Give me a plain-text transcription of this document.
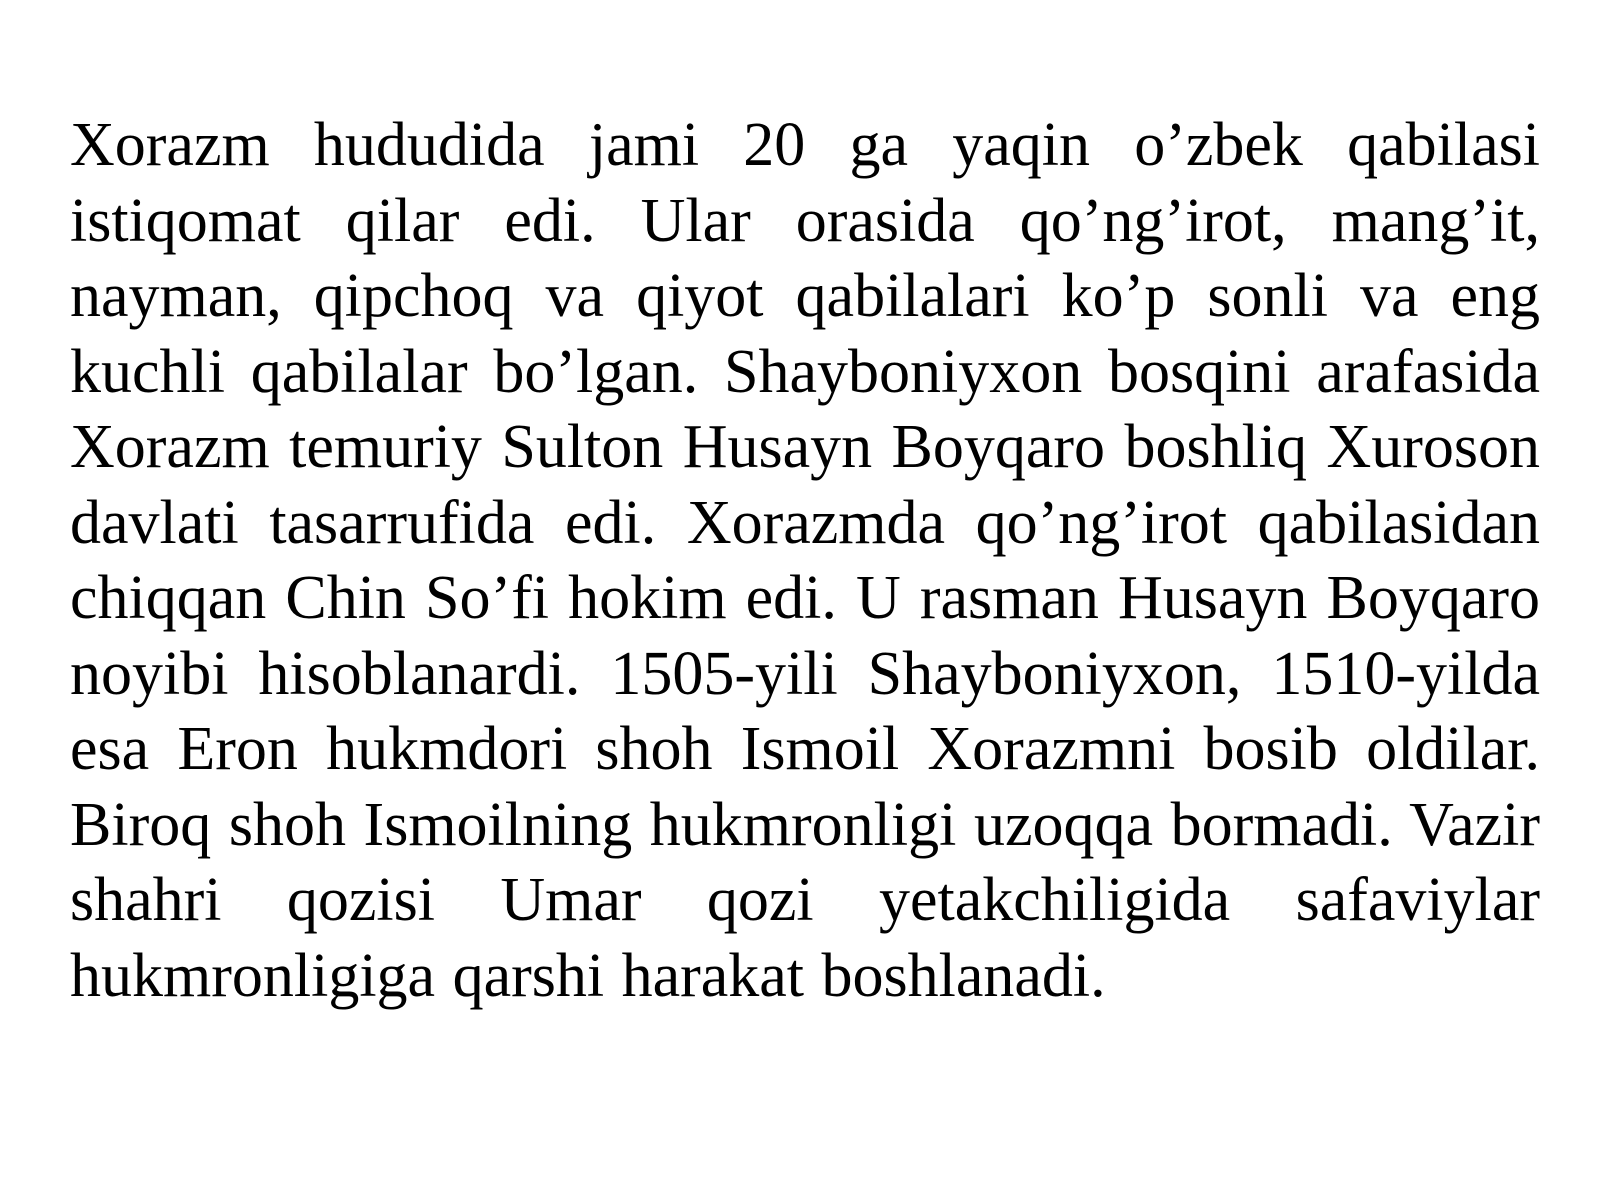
Xorazm hududida jami 20 ga yaqin o’zbek qabilasi istiqomat qilar edi. Ular orasida qo’ng’irot, mang’it, nayman, qipchoq va qiyot qabilalari ko’p sonli va eng kuchli qabilalar bo’lgan. Shayboniyxon bosqini arafasida Xorazm temuriy Sulton Husayn Boyqaro boshliq Xuroson davlati tasarrufida edi. Xorazmda qo’ng’irot qabilasidan chiqqan Chin So’fi hokim edi. U rasman Husayn Boyqaro noyibi hisoblanardi. 1505-yili Shayboniyxon, 1510-yilda esa Eron hukmdori shoh Ismoil Xorazmni bosib oldilar. Biroq shoh Ismoilning hukmronligi uzoqqa bormadi. Vazir shahri qozisi Umar qozi yetakchiligida safaviylar hukmronligiga qarshi harakat boshlanadi.
